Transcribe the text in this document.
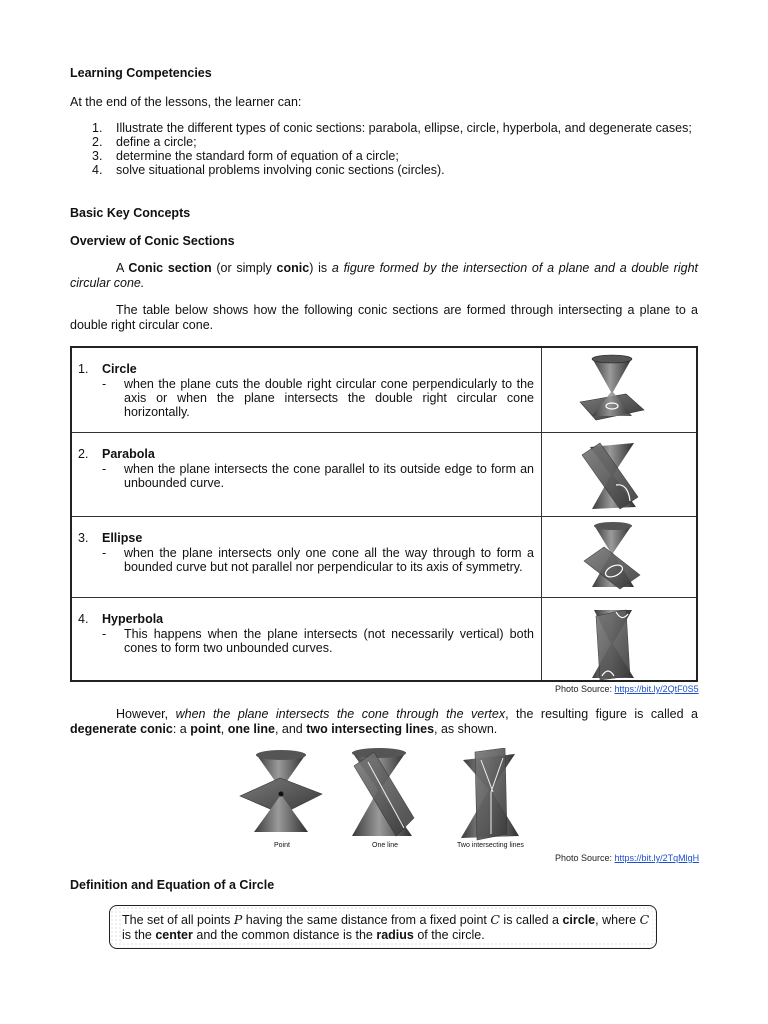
Learning Competencies
At the end of the lessons, the learner can:
1. Illustrate the different types of conic sections: parabola, ellipse, circle, hyperbola, and degenerate cases;
2. define a circle;
3. determine the standard form of equation of a circle;
4. solve situational problems involving conic sections (circles).
Basic Key Concepts
Overview of Conic Sections
A Conic section (or simply conic) is a figure formed by the intersection of a plane and a double right circular cone.
The table below shows how the following conic sections are formed through intersecting a plane to a double right circular cone.
1. Circle
- when the plane cuts the double right circular cone perpendicularly to the axis or when the plane intersects the double right circular cone horizontally.
2. Parabola
- when the plane intersects the cone parallel to its outside edge to form an unbounded curve.
3. Ellipse
- when the plane intersects only one cone all the way through to form a bounded curve but not parallel nor perpendicular to its axis of symmetry.
4. Hyperbola
- This happens when the plane intersects (not necessarily vertical) both cones to form two unbounded curves.
Photo Source: https://bit.ly/2QtF0S5
However, when the plane intersects the cone through the vertex, the resulting figure is called a degenerate conic: a point, one line, and two intersecting lines, as shown.
Point	One line	Two intersecting lines
Photo Source: https://bit.ly/2TqMlgH
Definition and Equation of a Circle
The set of all points P having the same distance from a fixed point C is called a circle, where C is the center and the common distance is the radius of the circle.
